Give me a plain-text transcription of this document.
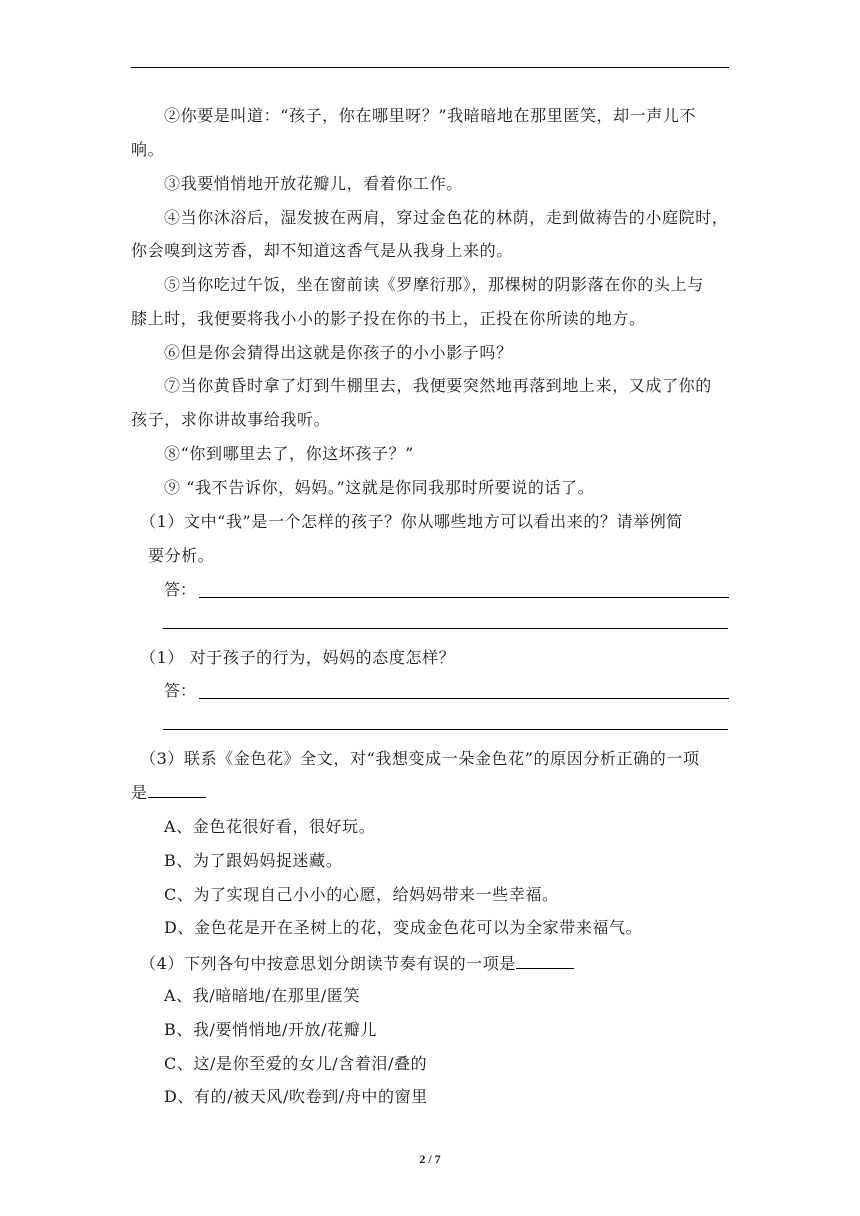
②你要是叫道：“孩子，你在哪里呀？”我暗暗地在那里匿笑，却一声儿不
响。
③我要悄悄地开放花瓣儿，看着你工作。
④当你沐浴后，湿发披在两肩，穿过金色花的林荫，走到做祷告的小庭院时，
你会嗅到这芳香，却不知道这香气是从我身上来的。
⑤当你吃过午饭，坐在窗前读《罗摩衍那》，那棵树的阴影落在你的头上与
膝上时，我便要将我小小的影子投在你的书上，正投在你所读的地方。
⑥但是你会猜得出这就是你孩子的小小影子吗？
⑦当你黄昏时拿了灯到牛棚里去，我便要突然地再落到地上来，又成了你的
孩子，求你讲故事给我听。
⑧“你到哪里去了，你这坏孩子？”
⑨ “我不告诉你，妈妈。”这就是你同我那时所要说的话了。
（1）文中“我”是一个怎样的孩子？你从哪些地方可以看出来的？请举例简
要分析。
答：
（1） 对于孩子的行为，妈妈的态度怎样？
答：
（3）联系《金色花》全文，对“我想变成一朵金色花”的原因分析正确的一项
是
A、金色花很好看，很好玩。
B、为了跟妈妈捉迷藏。
C、为了实现自己小小的心愿，给妈妈带来一些幸福。
D、金色花是开在圣树上的花，变成金色花可以为全家带来福气。
（4）下列各句中按意思划分朗读节奏有误的一项是
A、我/暗暗地/在那里/匿笑
B、我/要悄悄地/开放/花瓣儿
C、这/是你至爱的女儿/含着泪/叠的
D、有的/被天风/吹卷到/舟中的窗里
2 / 7
